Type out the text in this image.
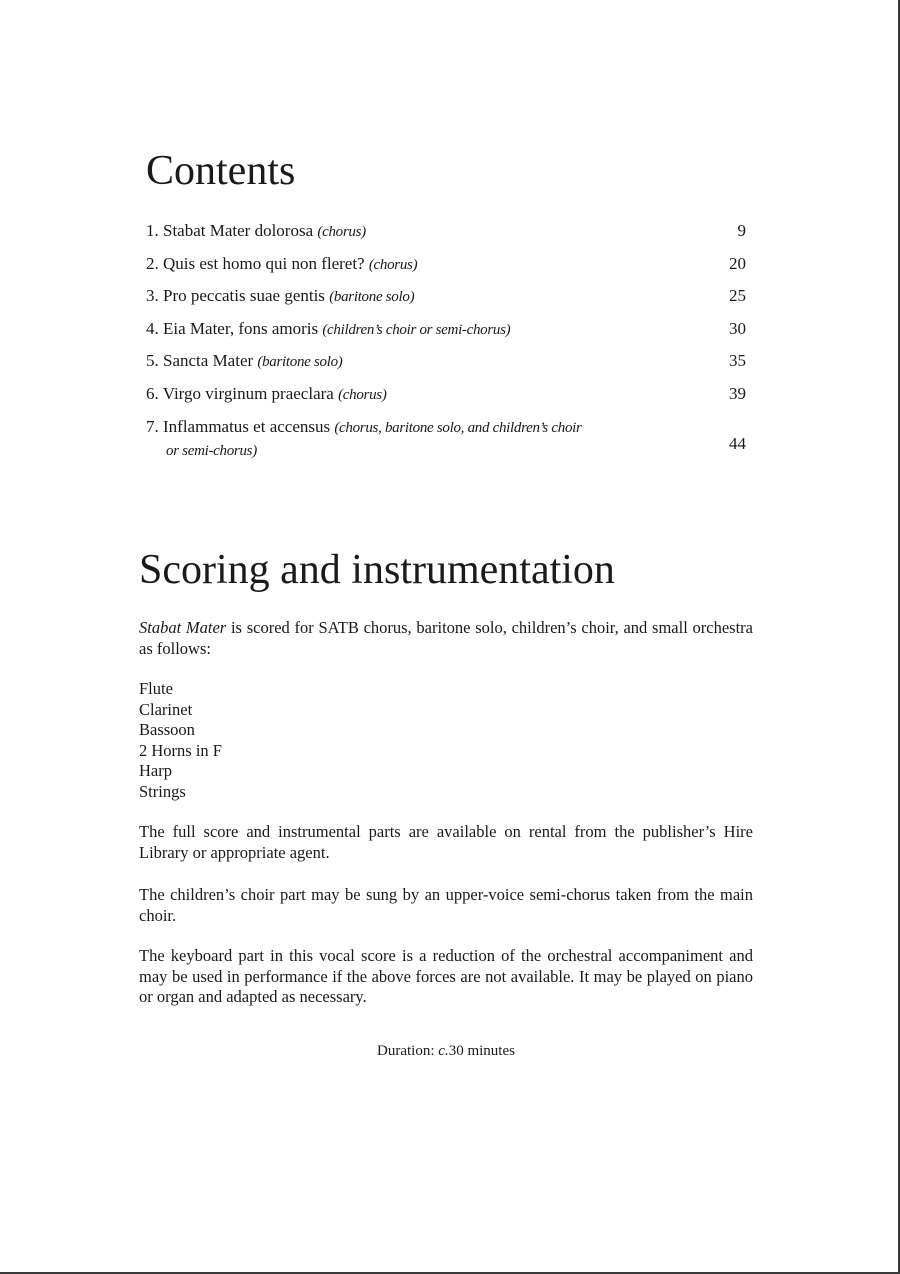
Contents
1. Stabat Mater dolorosa (chorus)	9
2. Quis est homo qui non fleret? (chorus)	20
3. Pro peccatis suae gentis (baritone solo)	25
4. Eia Mater, fons amoris (children’s choir or semi-chorus)	30
5. Sancta Mater (baritone solo)	35
6. Virgo virginum praeclara (chorus)	39
7. Inflammatus et accensus (chorus, baritone solo, and children’s choir
or semi-chorus)	44
Scoring and instrumentation

Stabat Mater is scored for SATB chorus, baritone solo, children’s choir, and small orchestra as follows:

Flute
Clarinet
Bassoon
2 Horns in F
Harp
Strings

The full score and instrumental parts are available on rental from the publisher’s Hire Library or appropriate agent.

The children’s choir part may be sung by an upper-voice semi-chorus taken from the main choir.

The keyboard part in this vocal score is a reduction of the orchestral accompaniment and may be used in performance if the above forces are not available. It may be played on piano or organ and adapted as necessary.

Duration: c.30 minutes
